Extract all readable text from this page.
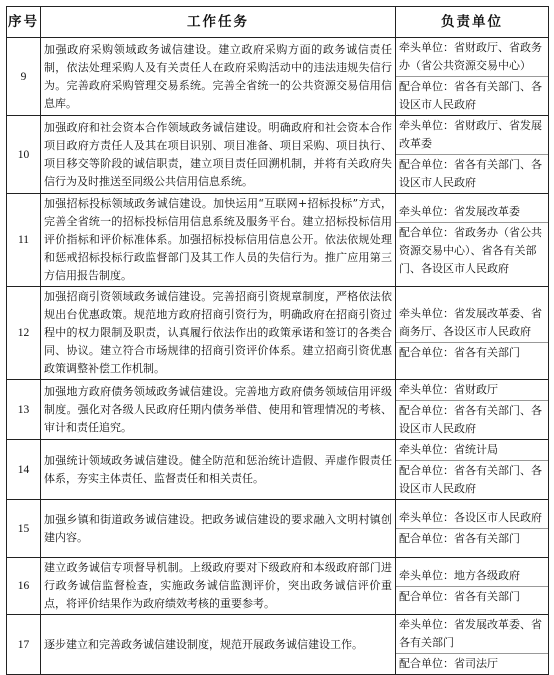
序号	工作任务	负责单位
9	加强政府采购领域政务诚信建设。建立政府采购方面的政务诚信责任制，依法处理采购人及有关责任人在政府采购活动中的违法违规失信行为。完善政府采购管理交易系统。完善全省统一的公共资源交易信用信息库。	牵头单位：省财政厅、省政务办（省公共资源交易中心）
配合单位：省各有关部门、各设区市人民政府

10	加强政府和社会资本合作领域政务诚信建设。明确政府和社会资本合作项目政府方责任人及其在项目识别、项目准备、项目采购、项目执行、项目移交等阶段的诚信职责，建立项目责任回溯机制，并将有关政府失信行为及时推送至同级公共信用信息系统。	牵头单位：省财政厅、省发展改革委
配合单位：省各有关部门、各设区市人民政府

11	加强招标投标领域政务诚信建设。加快运用“互联网+招标投标”方式，完善全省统一的招标投标信用信息系统及服务平台。建立招标投标信用评价指标和评价标准体系。加强招标投标信用信息公开。依法依规处理和惩戒招标投标行政监督部门及其工作人员的失信行为。推广应用第三方信用报告制度。	牵头单位：省发展改革委
配合单位：省政务办（省公共资源交易中心）、省各有关部门、各设区市人民政府

12	加强招商引资领域政务诚信建设。完善招商引资规章制度，严格依法依规出台优惠政策。规范地方政府招商引资行为，明确政府在招商引资过程中的权力限制及职责，认真履行依法作出的政策承诺和签订的各类合同、协议。建立符合市场规律的招商引资评价体系。建立招商引资优惠政策调整补偿工作机制。	牵头单位：省发展改革委、省商务厅、各设区市人民政府
配合单位：省各有关部门

13	加强地方政府债务领域政务诚信建设。完善地方政府债务领域信用评级制度。强化对各级人民政府任期内债务举借、使用和管理情况的考核、审计和责任追究。	牵头单位：省财政厅
配合单位：省各有关部门、各设区市人民政府

14	加强统计领域政务诚信建设。健全防范和惩治统计造假、弄虚作假责任体系，夯实主体责任、监督责任和相关责任。	牵头单位：省统计局
配合单位：省各有关部门、各设区市人民政府

15	加强乡镇和街道政务诚信建设。把政务诚信建设的要求融入文明村镇创建内容。	牵头单位：各设区市人民政府
配合单位：省各有关部门

16	建立政务诚信专项督导机制。上级政府要对下级政府和本级政府部门进行政务诚信监督检查，实施政务诚信监测评价，突出政务诚信评价重点，将评价结果作为政府绩效考核的重要参考。	牵头单位：地方各级政府
配合单位：省各有关部门

17	逐步建立和完善政务诚信建设制度，规范开展政务诚信建设工作。	牵头单位：省发展改革委、省各有关部门
配合单位：省司法厅
